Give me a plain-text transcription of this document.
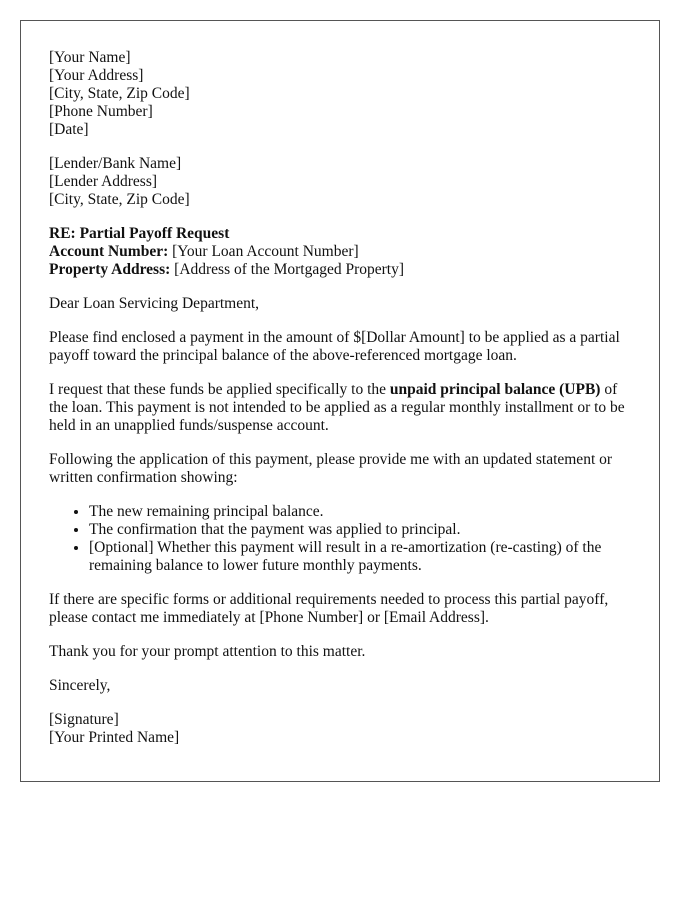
[Your Name]
[Your Address]
[City, State, Zip Code]
[Phone Number]
[Date]
[Lender/Bank Name]
[Lender Address]
[City, State, Zip Code]
RE: Partial Payoff Request
Account Number: [Your Loan Account Number]
Property Address: [Address of the Mortgaged Property]

Dear Loan Servicing Department,

Please find enclosed a payment in the amount of $[Dollar Amount] to be applied as a partial payoff toward the principal balance of the above-referenced mortgage loan.

I request that these funds be applied specifically to the unpaid principal balance (UPB) of the loan. This payment is not intended to be applied as a regular monthly installment or to be held in an unapplied funds/suspense account.

Following the application of this payment, please provide me with an updated statement or written confirmation showing:

• The new remaining principal balance.
• The confirmation that the payment was applied to principal.
• [Optional] Whether this payment will result in a re-amortization (re-casting) of the remaining balance to lower future monthly payments.

If there are specific forms or additional requirements needed to process this partial payoff, please contact me immediately at [Phone Number] or [Email Address].

Thank you for your prompt attention to this matter.

Sincerely,

[Signature]
[Your Printed Name]
